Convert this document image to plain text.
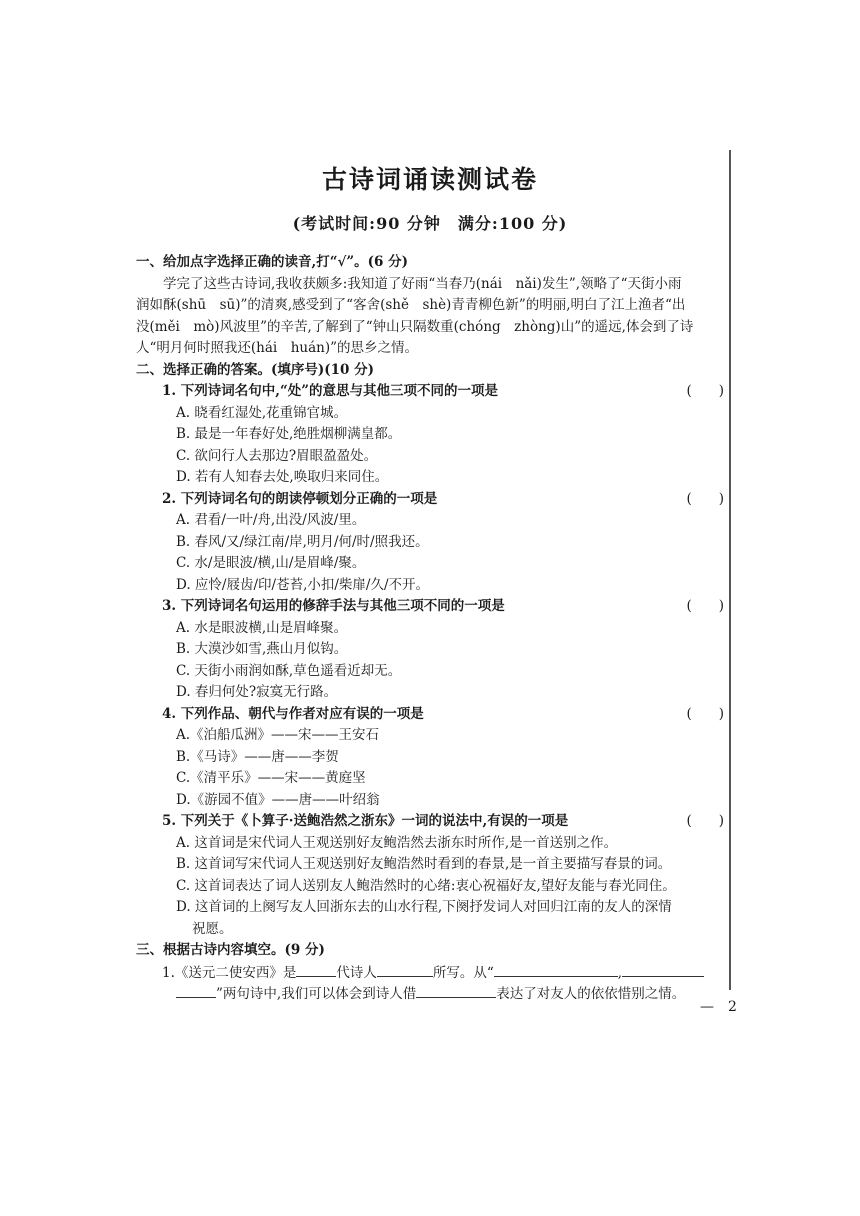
古诗词诵读测试卷
(考试时间:90 分钟　满分:100 分)
一、给加点字选择正确的读音,打“√”。(6 分)
学完了这些古诗词,我收获颇多:我知道了好雨“当春乃(nái　nǎi)发生”,领略了“天街小雨
润如酥(shū　sū)”的清爽,感受到了“客舍(shě　shè)青青柳色新”的明丽,明白了江上渔者“出
没(měi　mò)风波里”的辛苦,了解到了“钟山只隔数重(chóng　zhòng)山”的遥远,体会到了诗
人“明月何时照我还(hái　huán)”的思乡之情。
二、选择正确的答案。(填序号)(10 分)
1. 下列诗词名句中,“处”的意思与其他三项不同的一项是	(　　)
A. 晓看红湿处,花重锦官城。
B. 最是一年春好处,绝胜烟柳满皇都。
C. 欲问行人去那边?眉眼盈盈处。
D. 若有人知春去处,唤取归来同住。
2. 下列诗词名句的朗读停顿划分正确的一项是	(　　)
A. 君看/一叶/舟,出没/风波/里。
B. 春风/又/绿江南/岸,明月/何/时/照我还。
C. 水/是眼波/横,山/是眉峰/聚。
D. 应怜/屐齿/印/苍苔,小扣/柴扉/久/不开。
3. 下列诗词名句运用的修辞手法与其他三项不同的一项是	(　　)
A. 水是眼波横,山是眉峰聚。
B. 大漠沙如雪,燕山月似钩。
C. 天街小雨润如酥,草色遥看近却无。
D. 春归何处?寂寞无行路。
4. 下列作品、朝代与作者对应有误的一项是	(　　)
A.《泊船瓜洲》——宋——王安石
B.《马诗》——唐——李贺
C.《清平乐》——宋——黄庭坚
D.《游园不值》——唐——叶绍翁
5. 下列关于《卜算子·送鲍浩然之浙东》一词的说法中,有误的一项是	(　　)
A. 这首词是宋代词人王观送别好友鲍浩然去浙东时所作,是一首送别之作。
B. 这首词写宋代词人王观送别好友鲍浩然时看到的春景,是一首主要描写春景的词。
C. 这首词表达了词人送别友人鲍浩然时的心绪:衷心祝福好友,望好友能与春光同住。
D. 这首词的上阕写友人回浙东去的山水行程,下阕抒发词人对回归江南的友人的深情
祝愿。
三、根据古诗内容填空。(9 分)
1.《送元二使安西》是	代诗人	所写。从“	,
”两句诗中,我们可以体会到诗人借	表达了对友人的依依惜别之情。
—　2
